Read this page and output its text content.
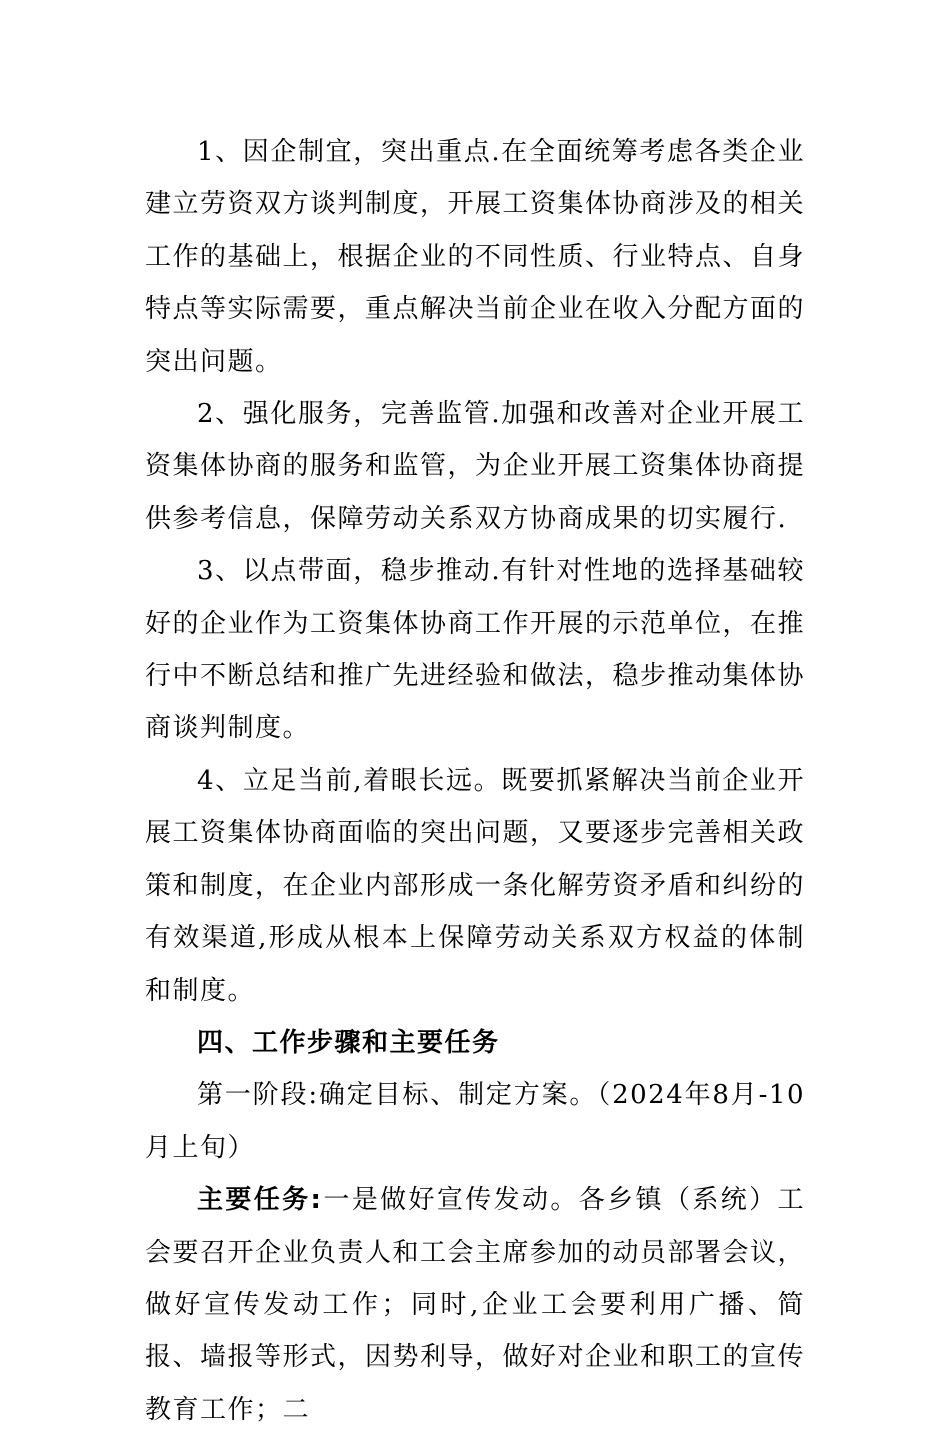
1、因企制宜，突出重点.在全面统筹考虑各类企业建立劳资双方谈判制度，开展工资集体协商涉及的相关工作的基础上，根据企业的不同性质、行业特点、自身特点等实际需要，重点解决当前企业在收入分配方面的突出问题。

2、强化服务，完善监管.加强和改善对企业开展工资集体协商的服务和监管，为企业开展工资集体协商提供参考信息，保障劳动关系双方协商成果的切实履行.

3、以点带面，稳步推动.有针对性地的选择基础较好的企业作为工资集体协商工作开展的示范单位，在推行中不断总结和推广先进经验和做法，稳步推动集体协商谈判制度。

4、立足当前,着眼长远。既要抓紧解决当前企业开展工资集体协商面临的突出问题，又要逐步完善相关政策和制度，在企业内部形成一条化解劳资矛盾和纠纷的有效渠道,形成从根本上保障劳动关系双方权益的体制和制度。

四、工作步骤和主要任务

第一阶段:确定目标、制定方案。（2024年8月-10月上旬）

主要任务:一是做好宣传发动。各乡镇（系统）工会要召开企业负责人和工会主席参加的动员部署会议，做好宣传发动工作；同时,企业工会要利用广播、简报、墙报等形式，因势利导，做好对企业和职工的宣传教育工作；二
